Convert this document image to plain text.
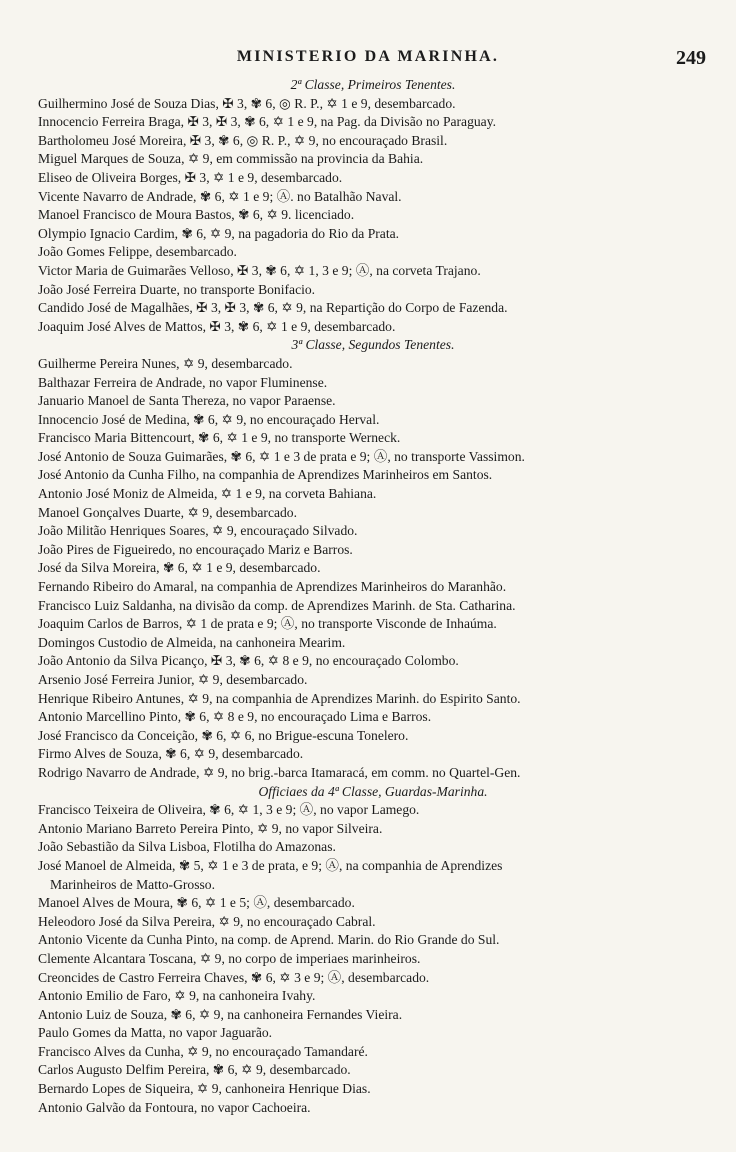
MINISTERIO DA MARINHA.	249
2ª Classe, Primeiros Tenentes.
Guilhermino José de Souza Dias, ✠ 3, ✾ 6, ◎ R. P., ✡ 1 e 9, desembarcado.
Innocencio Ferreira Braga, ✠ 3, ✠ 3, ✾ 6, ✡ 1 e 9, na Pag. da Divisão no Paraguay.
Bartholomeu José Moreira, ✠ 3, ✾ 6, ◎ R. P., ✡ 9, no encouraçado Brasil.
Miguel Marques de Souza, ✡ 9, em commissão na provincia da Bahia.
Eliseo de Oliveira Borges, ✠ 3, ✡ 1 e 9, desembarcado.
Vicente Navarro de Andrade, ✾ 6, ✡ 1 e 9; Ⓐ. no Batalhão Naval.
Manoel Francisco de Moura Bastos, ✾ 6, ✡ 9. licenciado.
Olympio Ignacio Cardim, ✾ 6, ✡ 9, na pagadoria do Rio da Prata.
João Gomes Felippe, desembarcado.
Victor Maria de Guimarães Velloso, ✠ 3, ✾ 6, ✡ 1, 3 e 9; Ⓐ, na corveta Trajano.
João José Ferreira Duarte, no transporte Bonifacio.
Candido José de Magalhães, ✠ 3, ✠ 3, ✾ 6, ✡ 9, na Repartição do Corpo de Fazenda.
Joaquim José Alves de Mattos, ✠ 3, ✾ 6, ✡ 1 e 9, desembarcado.
3ª Classe, Segundos Tenentes.
Guilherme Pereira Nunes, ✡ 9, desembarcado.
Balthazar Ferreira de Andrade, no vapor Fluminense.
Januario Manoel de Santa Thereza, no vapor Paraense.
Innocencio José de Medina, ✾ 6, ✡ 9, no encouraçado Herval.
Francisco Maria Bittencourt, ✾ 6, ✡ 1 e 9, no transporte Werneck.
José Antonio de Souza Guimarães, ✾ 6, ✡ 1 e 3 de prata e 9; Ⓐ, no transporte Vassimon.
José Antonio da Cunha Filho, na companhia de Aprendizes Marinheiros em Santos.
Antonio José Moniz de Almeida, ✡ 1 e 9, na corveta Bahiana.
Manoel Gonçalves Duarte, ✡ 9, desembarcado.
João Militão Henriques Soares, ✡ 9, encouraçado Silvado.
João Pires de Figueiredo, no encouraçado Mariz e Barros.
José da Silva Moreira, ✾ 6, ✡ 1 e 9, desembarcado.
Fernando Ribeiro do Amaral, na companhia de Aprendizes Marinheiros do Maranhão.
Francisco Luiz Saldanha, na divisão da comp. de Aprendizes Marinh. de Sta. Catharina.
Joaquim Carlos de Barros, ✡ 1 de prata e 9; Ⓐ, no transporte Visconde de Inhaúma.
Domingos Custodio de Almeida, na canhoneira Mearim.
João Antonio da Silva Picanço, ✠ 3, ✾ 6, ✡ 8 e 9, no encouraçado Colombo.
Arsenio José Ferreira Junior, ✡ 9, desembarcado.
Henrique Ribeiro Antunes, ✡ 9, na companhia de Aprendizes Marinh. do Espirito Santo.
Antonio Marcellino Pinto, ✾ 6, ✡ 8 e 9, no encouraçado Lima e Barros.
José Francisco da Conceição, ✾ 6, ✡ 6, no Brigue-escuna Tonelero.
Firmo Alves de Souza, ✾ 6, ✡ 9, desembarcado.
Rodrigo Navarro de Andrade, ✡ 9, no brig.-barca Itamaracá, em comm. no Quartel-Gen.
Officiaes da 4ª Classe, Guardas-Marinha.
Francisco Teixeira de Oliveira, ✾ 6, ✡ 1, 3 e 9; Ⓐ, no vapor Lamego.
Antonio Mariano Barreto Pereira Pinto, ✡ 9, no vapor Silveira.
João Sebastião da Silva Lisboa, Flotilha do Amazonas.
José Manoel de Almeida, ✾ 5, ✡ 1 e 3 de prata, e 9; Ⓐ, na companhia de Aprendizes
Marinheiros de Matto-Grosso.
Manoel Alves de Moura, ✾ 6, ✡ 1 e 5; Ⓐ, desembarcado.
Heleodoro José da Silva Pereira, ✡ 9, no encouraçado Cabral.
Antonio Vicente da Cunha Pinto, na comp. de Aprend. Marin. do Rio Grande do Sul.
Clemente Alcantara Toscana, ✡ 9, no corpo de imperiaes marinheiros.
Creoncides de Castro Ferreira Chaves, ✾ 6, ✡ 3 e 9; Ⓐ, desembarcado.
Antonio Emilio de Faro, ✡ 9, na canhoneira Ivahy.
Antonio Luiz de Souza, ✾ 6, ✡ 9, na canhoneira Fernandes Vieira.
Paulo Gomes da Matta, no vapor Jaguarão.
Francisco Alves da Cunha, ✡ 9, no encouraçado Tamandaré.
Carlos Augusto Delfim Pereira, ✾ 6, ✡ 9, desembarcado.
Bernardo Lopes de Siqueira, ✡ 9, canhoneira Henrique Dias.
Antonio Galvão da Fontoura, no vapor Cachoeira.
